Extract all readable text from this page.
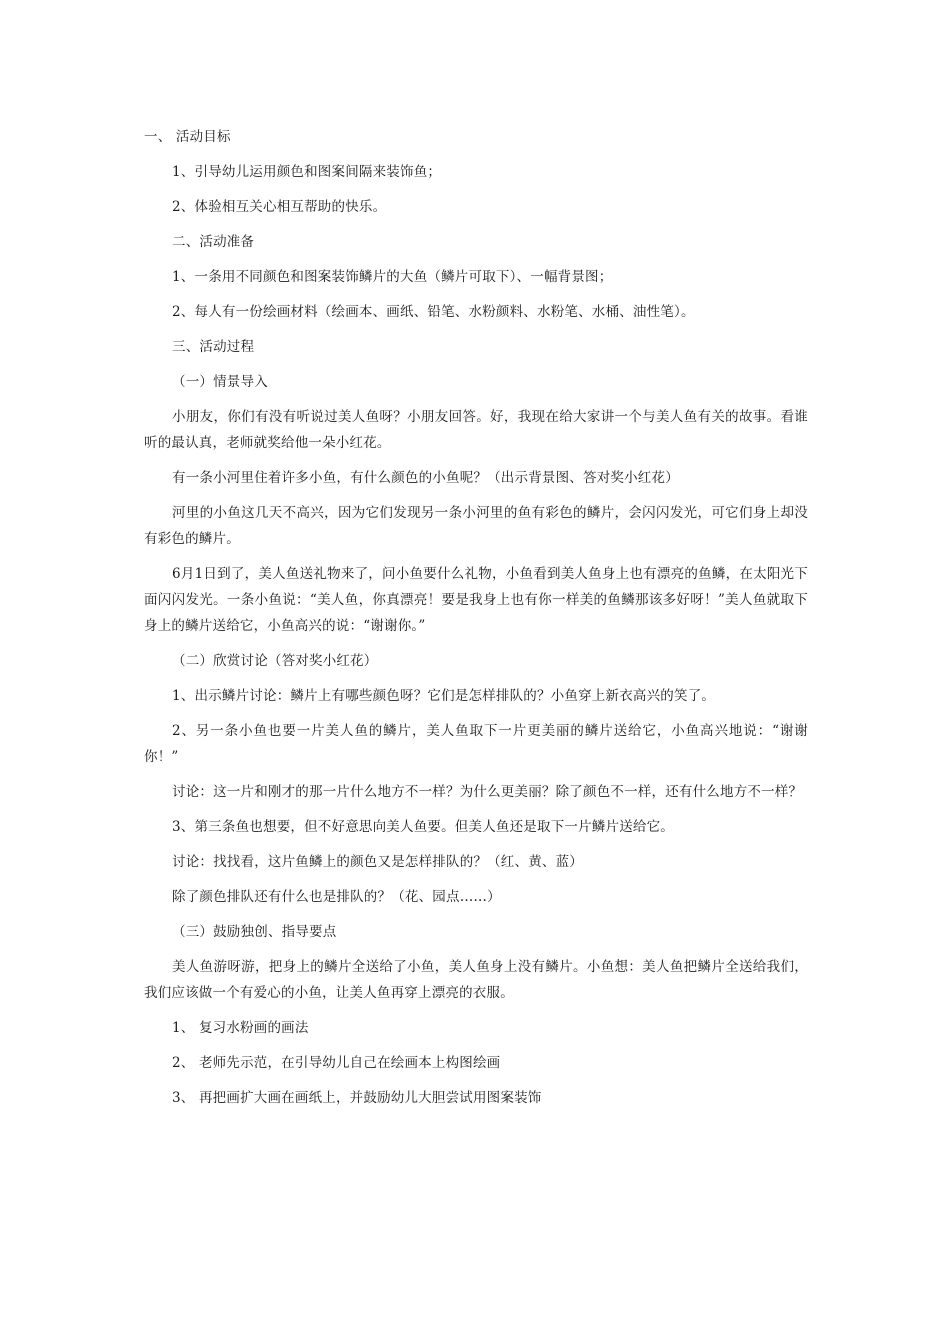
一、 活动目标

1、引导幼儿运用颜色和图案间隔来装饰鱼；

2、体验相互关心相互帮助的快乐。

二、活动准备

1、一条用不同颜色和图案装饰鳞片的大鱼（鳞片可取下）、一幅背景图；

2、每人有一份绘画材料（绘画本、画纸、铅笔、水粉颜料、水粉笔、水桶、油性笔）。

三、活动过程

（一）情景导入

小朋友，你们有没有听说过美人鱼呀？小朋友回答。好，我现在给大家讲一个与美人鱼有关的故事。看谁听的最认真，老师就奖给他一朵小红花。

有一条小河里住着许多小鱼，有什么颜色的小鱼呢？（出示背景图、答对奖小红花）

河里的小鱼这几天不高兴，因为它们发现另一条小河里的鱼有彩色的鳞片，会闪闪发光，可它们身上却没有彩色的鳞片。

6月1日到了，美人鱼送礼物来了，问小鱼要什么礼物，小鱼看到美人鱼身上也有漂亮的鱼鳞，在太阳光下面闪闪发光。一条小鱼说：“美人鱼，你真漂亮！要是我身上也有你一样美的鱼鳞那该多好呀！”美人鱼就取下身上的鳞片送给它，小鱼高兴的说：“谢谢你。”

（二）欣赏讨论（答对奖小红花）

1、出示鳞片讨论：鳞片上有哪些颜色呀？它们是怎样排队的？小鱼穿上新衣高兴的笑了。

2、另一条小鱼也要一片美人鱼的鳞片，美人鱼取下一片更美丽的鳞片送给它，小鱼高兴地说：“谢谢你！”

讨论：这一片和刚才的那一片什么地方不一样？为什么更美丽？除了颜色不一样，还有什么地方不一样？

3、第三条鱼也想要，但不好意思向美人鱼要。但美人鱼还是取下一片鳞片送给它。

讨论：找找看，这片鱼鳞上的颜色又是怎样排队的？（红、黄、蓝）

除了颜色排队还有什么也是排队的？（花、园点……）

（三）鼓励独创、指导要点

美人鱼游呀游，把身上的鳞片全送给了小鱼，美人鱼身上没有鳞片。小鱼想：美人鱼把鳞片全送给我们，我们应该做一个有爱心的小鱼，让美人鱼再穿上漂亮的衣服。

1、 复习水粉画的画法

2、 老师先示范，在引导幼儿自己在绘画本上构图绘画

3、 再把画扩大画在画纸上，并鼓励幼儿大胆尝试用图案装饰
